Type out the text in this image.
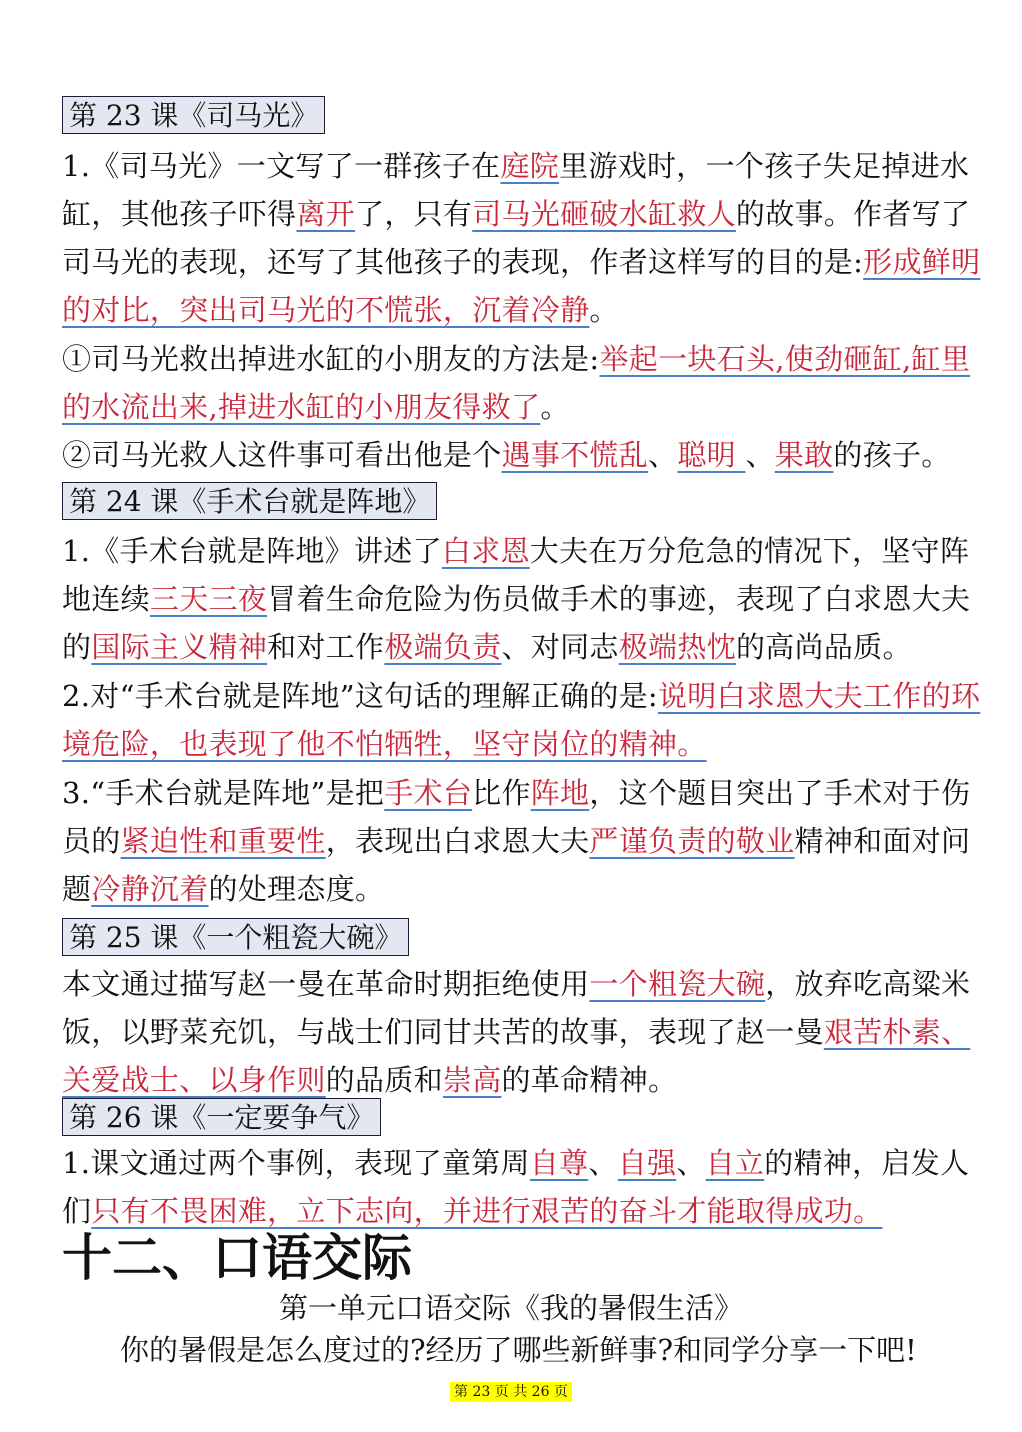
第 23 课《司马光》
1.《司马光》一文写了一群孩子在庭院里游戏时，一个孩子失足掉进水缸，其他孩子吓得离开了，只有司马光砸破水缸救人的故事。作者写了司马光的表现，还写了其他孩子的表现，作者这样写的目的是:形成鲜明的对比，突出司马光的不慌张，沉着冷静。
①司马光救出掉进水缸的小朋友的方法是:举起一块石头,使劲砸缸,缸里的水流出来,掉进水缸的小朋友得救了。
②司马光救人这件事可看出他是个遇事不慌乱、聪明 、果敢的孩子。
第 24 课《手术台就是阵地》
1.《手术台就是阵地》讲述了白求恩大夫在万分危急的情况下，坚守阵地连续三天三夜冒着生命危险为伤员做手术的事迹，表现了白求恩大夫的国际主义精神和对工作极端负责、对同志极端热忱的高尚品质。
2.对“手术台就是阵地”这句话的理解正确的是:说明白求恩大夫工作的环境危险，也表现了他不怕牺牲，坚守岗位的精神。
3.“手术台就是阵地”是把手术台比作阵地，这个题目突出了手术对于伤员的紧迫性和重要性，表现出白求恩大夫严谨负责的敬业精神和面对问题冷静沉着的处理态度。
第 25 课《一个粗瓷大碗》
本文通过描写赵一曼在革命时期拒绝使用一个粗瓷大碗，放弃吃高粱米饭，以野菜充饥，与战士们同甘共苦的故事，表现了赵一曼艰苦朴素、关爱战士、以身作则的品质和崇高的革命精神。
第 26 课《一定要争气》
1.课文通过两个事例，表现了童第周自尊、自强、自立的精神，启发人们只有不畏困难，立下志向，并进行艰苦的奋斗才能取得成功。
十二、口语交际
第一单元口语交际《我的暑假生活》
你的暑假是怎么度过的?经历了哪些新鲜事?和同学分享一下吧!
第 23 页 共 26 页
